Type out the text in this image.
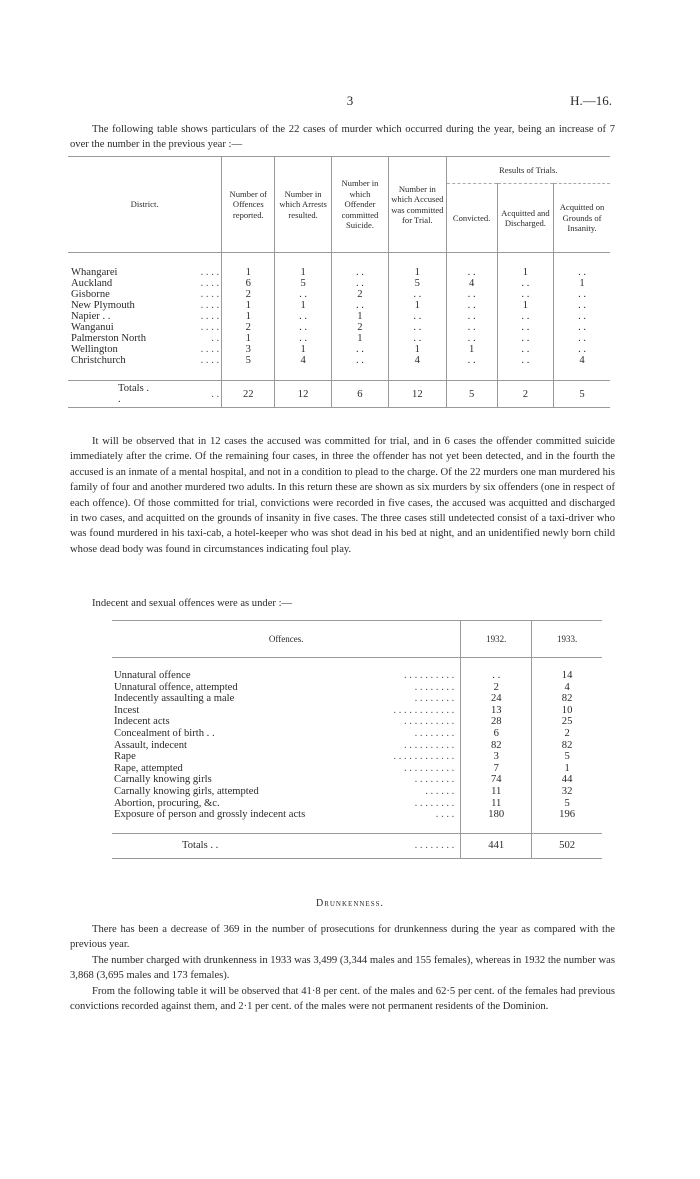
3	H.—16.

The following table shows particulars of the 22 cases of murder which occurred during the year, being an increase of 7 over the number in the previous year :—

District.		Number of Offences reported.	Number in which Arrests resulted.	Number in which Offender committed Suicide.	Number in which Accused was committed for Trial.	Results of Trials.		
						Convicted.	Acquitted and Discharged.	Acquitted on Grounds of Insanity.

Whangarei	. . . .	1	1	. .	1	. .	1	. .
Auckland	. . . .	6	5	. .	5	4	. .	1
Gisborne	. . . .	2	. .	2	. .	. .	. .	. .
New Plymouth	. . . .	1	1	. .	1	. .	1	. .
Napier . .	. . . .	1	. .	1	. .	. .	. .	. .
Wanganui	. . . .	2	. .	2	. .	. .	. .	. .
Palmerston North	. .	1	. .	1	. .	. .	. .	. .
Wellington	. . . .	3	1	. .	1	1	. .	. .
Christchurch	. . . .	5	4	. .	4	. .	. .	4

Totals . .	. .	22	12	6	12	5	2	5

It will be observed that in 12 cases the accused was committed for trial, and in 6 cases the offender committed suicide immediately after the crime. Of the remaining four cases, in three the offender has not yet been detected, and in the fourth the accused is an inmate of a mental hospital, and not in a condition to plead to the charge. Of the 22 murders one man murdered his family of four and another murdered two adults. In this return these are shown as six murders by six offenders (one in respect of each offence). Of those committed for trial, convictions were recorded in five cases, the accused was acquitted and discharged in two cases, and acquitted on the grounds of insanity in five cases. The three cases still undetected consist of a taxi-driver who was found murdered in his taxi-cab, a hotel-keeper who was shot dead in his bed at night, and an unidentified newly born child whose dead body was found in circumstances indicating foul play.

Indecent and sexual offences were as under :—

Offences.		1932.	1933.

Unnatural offence	. . . . . . . . . .	. .	14
Unnatural offence, attempted	. . . . . . . .	2	4
Indecently assaulting a male	. . . . . . . .	24	82
Incest	. . . . . . . . . . . .	13	10
Indecent acts	. . . . . . . . . .	28	25
Concealment of birth . .	. . . . . . . .	6	2
Assault, indecent	. . . . . . . . . .	82	82
Rape	. . . . . . . . . . . .	3	5
Rape, attempted	. . . . . . . . . .	7	1
Carnally knowing girls	. . . . . . . .	74	44
Carnally knowing girls, attempted	. . . . . .	11	32
Abortion, procuring, &c.	. . . . . . . .	11	5
Exposure of person and grossly indecent acts	. . . .	180	196

Totals . .	. . . . . . . .	441	502
Drunkenness.

There has been a decrease of 369 in the number of prosecutions for drunkenness during the year as compared with the previous year.

The number charged with drunkenness in 1933 was 3,499 (3,344 males and 155 females), whereas in 1932 the number was 3,868 (3,695 males and 173 females).

From the following table it will be observed that 41·8 per cent. of the males and 62·5 per cent. of the females had previous convictions recorded against them, and 2·1 per cent. of the males were not permanent residents of the Dominion.
